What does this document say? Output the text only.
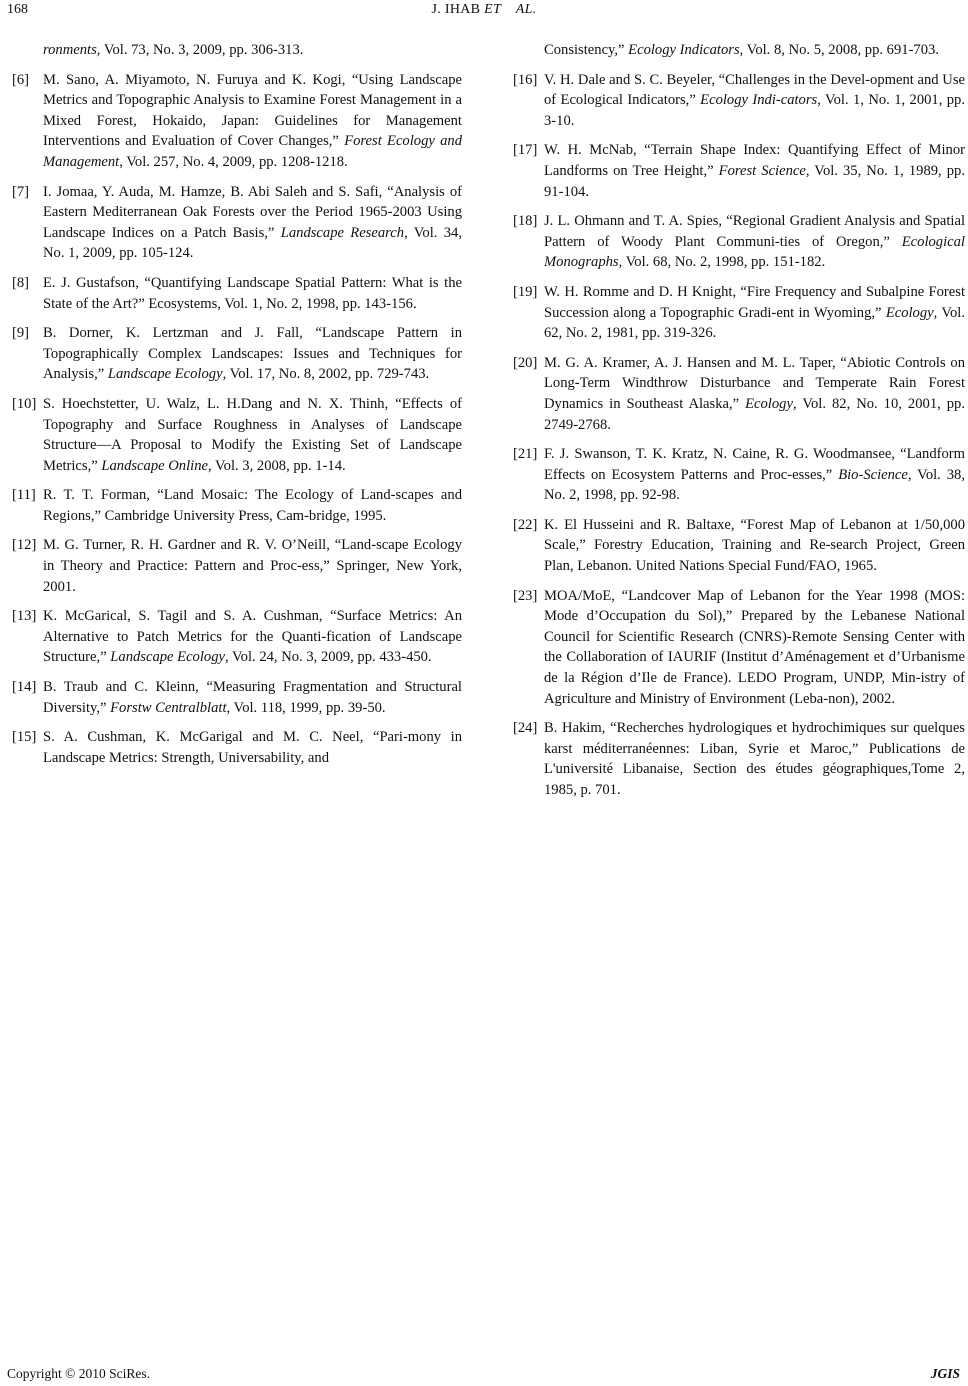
168	J. IHAB ET    AL.
ronments, Vol. 73, No. 3, 2009, pp. 306-313.
[6] M. Sano, A. Miyamoto, N. Furuya and K. Kogi, “Using Landscape Metrics and Topographic Analysis to Examine Forest Management in a Mixed Forest, Hokaido, Japan: Guidelines for Management Interventions and Evaluation of Cover Changes,” Forest Ecology and Management, Vol. 257, No. 4, 2009, pp. 1208-1218.
[7] I. Jomaa, Y. Auda, M. Hamze, B. Abi Saleh and S. Safi, “Analysis of Eastern Mediterranean Oak Forests over the Period 1965-2003 Using Landscape Indices on a Patch Basis,” Landscape Research, Vol. 34, No. 1, 2009, pp. 105-124.
[8] E. J. Gustafson, “Quantifying Landscape Spatial Pattern: What is the State of the Art?” Ecosystems, Vol. 1, No. 2, 1998, pp. 143-156.
[9] B. Dorner, K. Lertzman and J. Fall, “Landscape Pattern in Topographically Complex Landscapes: Issues and Techniques for Analysis,” Landscape Ecology, Vol. 17, No. 8, 2002, pp. 729-743.
[10] S. Hoechstetter, U. Walz, L. H.Dang and N. X. Thinh, “Effects of Topography and Surface Roughness in Analyses of Landscape Structure—A Proposal to Modify the Existing Set of Landscape Metrics,” Landscape Online, Vol. 3, 2008, pp. 1-14.
[11] R. T. T. Forman, “Land Mosaic: The Ecology of Land-scapes and Regions,” Cambridge University Press, Cam-bridge, 1995.
[12] M. G. Turner, R. H. Gardner and R. V. O’Neill, “Land-scape Ecology in Theory and Practice: Pattern and Proc-ess,” Springer, New York, 2001.
[13] K. McGarical, S. Tagil and S. A. Cushman, “Surface Metrics: An Alternative to Patch Metrics for the Quanti-fication of Landscape Structure,” Landscape Ecology, Vol. 24, No. 3, 2009, pp. 433-450.
[14] B. Traub and C. Kleinn, “Measuring Fragmentation and Structural Diversity,” Forstw Centralblatt, Vol. 118, 1999, pp. 39-50.
[15] S. A. Cushman, K. McGarigal and M. C. Neel, “Pari-mony in Landscape Metrics: Strength, Universability, and
Consistency,” Ecology Indicators, Vol. 8, No. 5, 2008, pp. 691-703.
[16] V. H. Dale and S. C. Beyeler, “Challenges in the Devel-opment and Use of Ecological Indicators,” Ecology Indi-cators, Vol. 1, No. 1, 2001, pp. 3-10.
[17] W. H. McNab, “Terrain Shape Index: Quantifying Effect of Minor Landforms on Tree Height,” Forest Science, Vol. 35, No. 1, 1989, pp. 91-104.
[18] J. L. Ohmann and T. A. Spies, “Regional Gradient Analysis and Spatial Pattern of Woody Plant Communi-ties of Oregon,” Ecological Monographs, Vol. 68, No. 2, 1998, pp. 151-182.
[19] W. H. Romme and D. H Knight, “Fire Frequency and Subalpine Forest Succession along a Topographic Gradi-ent in Wyoming,” Ecology, Vol. 62, No. 2, 1981, pp. 319-326.
[20] M. G. A. Kramer, A. J. Hansen and M. L. Taper, “Abiotic Controls on Long-Term Windthrow Disturbance and Temperate Rain Forest Dynamics in Southeast Alaska,” Ecology, Vol. 82, No. 10, 2001, pp. 2749-2768.
[21] F. J. Swanson, T. K. Kratz, N. Caine, R. G. Woodmansee, “Landform Effects on Ecosystem Patterns and Proc-esses,” Bio-Science, Vol. 38, No. 2, 1998, pp. 92-98.
[22] K. El Husseini and R. Baltaxe, “Forest Map of Lebanon at 1/50,000 Scale,” Forestry Education, Training and Re-search Project, Green Plan, Lebanon. United Nations Special Fund/FAO, 1965.
[23] MOA/MoE, “Landcover Map of Lebanon for the Year 1998 (MOS: Mode d’Occupation du Sol),” Prepared by the Lebanese National Council for Scientific Research (CNRS)-Remote Sensing Center with the Collaboration of IAURIF (Institut d’Aménagement et d’Urbanisme de la Région d’Ile de France). LEDO Program, UNDP, Min-istry of Agriculture and Ministry of Environment (Leba-non), 2002.
[24] B. Hakim, “Recherches hydrologiques et hydrochimiques sur quelques karst méditerranéennes: Liban, Syrie et Maroc,” Publications de L'université Libanaise, Section des études géographiques,Tome 2, 1985, p. 701.
Copyright © 2010 SciRes.	JGIS
